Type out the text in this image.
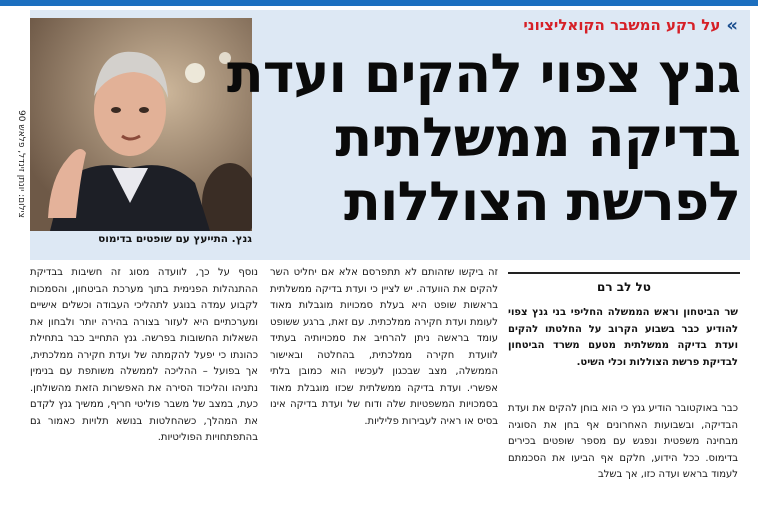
צילום: יונתן זינדל, פלאש 90
גנץ. התייעץ עם שופטים בדימוס
»
על רקע המשבר הקואליציוני
גנץ צפוי להקים ועדת
בדיקה ממשלתית
לפרשת הצוללות
טל לב רם
שר הביטחון וראש הממשלה החליפי בני גנץ צפוי להודיע כבר בשבוע הקרוב על החלטתו להקים ועדת בדיקה ממשלתית מטעם משרד הביטחון לבדיקת פרשת הצוללות וכלי השיט.
כבר באוקטובר הודיע גנץ כי הוא בוחן להקים את ועדת הבדיקה, ובשבועות האחרונים אף בחן את הסוגיה מבחינה משפטית ונפגש עם מספר שופטים בכירים בדימוס. ככל הידוע, חלקם אף הביעו את הסכמתם לעמוד בראש ועדה כזו, אך בשלב
זה ביקשו שזהותם לא תתפרסם אלא אם יחליט השר להקים את הוועדה. יש לציין כי ועדת בדיקה ממשלתית בראשות שופט היא בעלת סמכויות מוגבלות מאוד לעומת ועדת חקירה ממלכתית. עם זאת, ברגע ששופט עומד בראשה ניתן להרחיב את סמכויותיה בעתיד לוועדת חקירה ממלכתית, בהחלטה ובאישור הממשלה, מצב שבכגון לעכשיו הוא כמובן בלתי אפשרי. ועדת בדיקה ממשלתית שכזו מוגבלת מאוד בסמכויות המשפטיות שלה ודוח של ועדת בדיקה אינו בסיס או ראיה לעבירות פליליות.
נוסף על כך, לוועדה מסוג זה חשיבות בבדיקת ההתנהלות הפנימית בתוך מערכת הביטחון, והסמכות לקבוע עמדה בנוגע לתהליכי העבודה וכשלים אישיים ומערכתיים היא לעזור בצורה בהירה יותר ולבחון את השאלות החשובות בפרשה. גנץ התחייב כבר בתחילת כהונתו כי יפעל להקמתה של ועדת חקירה ממלכתית, אך בפועל – ההליכה לממשלה משותפת עם בנימין נתניהו והליכוד הסירה את האפשרות הזאת מהשולחן. כעת, במצב של משבר פוליטי חריף, ממשיך גנץ לקדם את המהלך, כשהחלטות בנושא תלויות כאמור גם בהתפתחויות הפוליטיות.
